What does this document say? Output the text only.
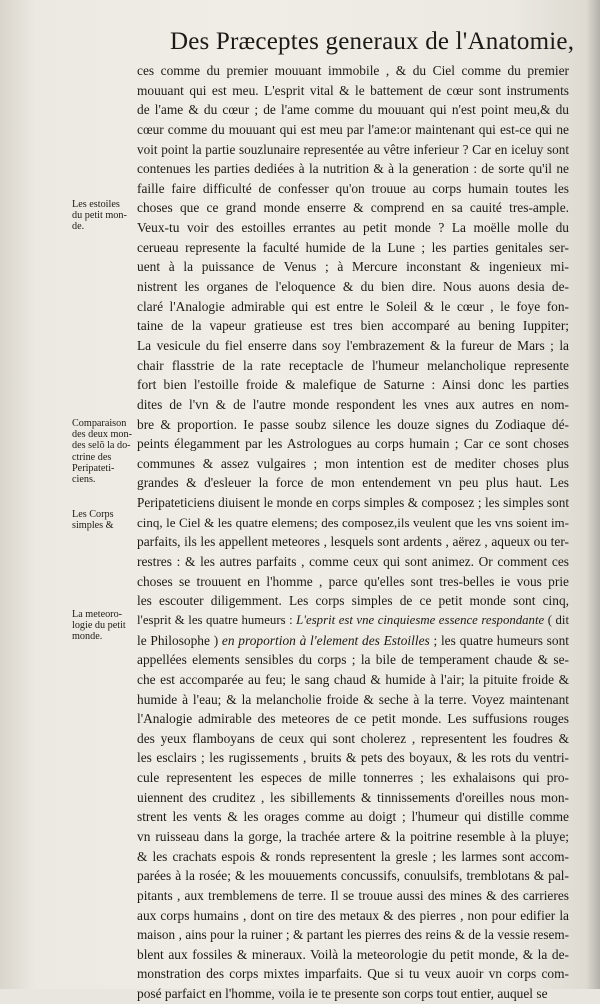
Des Præceptes generaux de l'Anatomie,
ces comme du premier mouuant immobile , & du Ciel comme du premier
mouuant qui est meu. L'esprit vital & le battement de cœur sont instruments
de l'ame & du cœur ; de l'ame comme du mouuant qui n'est point meu,& du
cœur comme du mouuant qui est meu par l'ame:or maintenant qui est-ce qui ne
voit point la partie souzlunaire representée au vêtre inferieur ? Car en iceluy sont
contenues les parties dediées à la nutrition & à la generation : de sorte qu'il ne
faille faire difficulté de confesser qu'on trouue au corps humain toutes les
choses que ce grand monde enserre & comprend en sa cauité tres-ample.
Veux-tu voir des estoilles errantes au petit monde ? La moëlle molle du
cerueau represente la faculté humide de la Lune ; les parties genitales ser-
uent à la puissance de Venus ; à Mercure inconstant & ingenieux mi-
nistrent les organes de l'eloquence & du bien dire. Nous auons desia de-
claré l'Analogie admirable qui est entre le Soleil & le cœur , le foye fon-
taine de la vapeur gratieuse est tres bien accomparé au bening Iuppiter;
La vesicule du fiel enserre dans soy l'embrazement & la fureur de Mars ; la
chair flasstrie de la rate receptacle de l'humeur melancholique represente
fort bien l'estoille froide & malefique de Saturne : Ainsi donc les parties
dites de l'vn & de l'autre monde respondent les vnes aux autres en nom-
bre & proportion. Ie passe soubz silence les douze signes du Zodiaque dé-
peints élegamment par les Astrologues au corps humain ; Car ce sont choses
communes & assez vulgaires ; mon intention est de mediter choses plus
grandes & d'esleuer la force de mon entendement vn peu plus haut. Les
Peripateticiens diuisent le monde en corps simples & composez ; les simples sont
cinq, le Ciel & les quatre elemens; des composez,ils veulent que les vns soient im-
parfaits, ils les appellent meteores , lesquels sont ardents , aërez , aqueux ou ter-
restres : & les autres parfaits , comme ceux qui sont animez. Or comment ces
choses se trouuent en l'homme , parce qu'elles sont tres-belles ie vous prie
les escouter diligemment. Les corps simples de ce petit monde sont cinq,
l'esprit & les quatre humeurs : L'esprit est vne cinquiesme essence respondante ( dit
le Philosophe ) en proportion à l'element des Estoilles ; les quatre humeurs sont
appellées elements sensibles du corps ; la bile de temperament chaude & se-
che est accomparée au feu; le sang chaud & humide à l'air; la pituite froide &
humide à l'eau; & la melancholie froide & seche à la terre. Voyez maintenant
l'Analogie admirable des meteores de ce petit monde. Les suffusions rouges
des yeux flamboyans de ceux qui sont cholerez , representent les foudres &
les esclairs ; les rugissements , bruits & pets des boyaux, & les rots du ventri-
cule representent les especes de mille tonnerres ; les exhalaisons qui pro-
uiennent des cruditez , les sibillements & tinnissements d'oreilles nous mon-
strent les vents & les orages comme au doigt ; l'humeur qui distille comme
vn ruisseau dans la gorge, la trachée artere & la poitrine resemble à la pluye;
& les crachats espois & ronds representent la gresle ; les larmes sont accom-
parées à la rosée; & les mouuements concussifs, conuulsifs, tremblotans & pal-
pitants , aux tremblemens de terre. Il se trouue aussi des mines & des carrieres
aux corps humains , dont on tire des metaux & des pierres , non pour edifier la
maison , ains pour la ruiner ; & partant les pierres des reins & de la vessie resem-
blent aux fossiles & mineraux. Voilà la meteorologie du petit monde, & la de-
monstration des corps mixtes imparfaits. Que si tu veux auoir vn corps com-
posé parfaict en l'homme, voila ie te presente son corps tout entier, auquel se
Les estoiles
du petit mon-
de.
Comparaison
des deux mon-
des selõ la do-
ctrine des
Peripateti-
ciens.
Les Corps
simples &
La meteoro-
logie du petit
monde.
